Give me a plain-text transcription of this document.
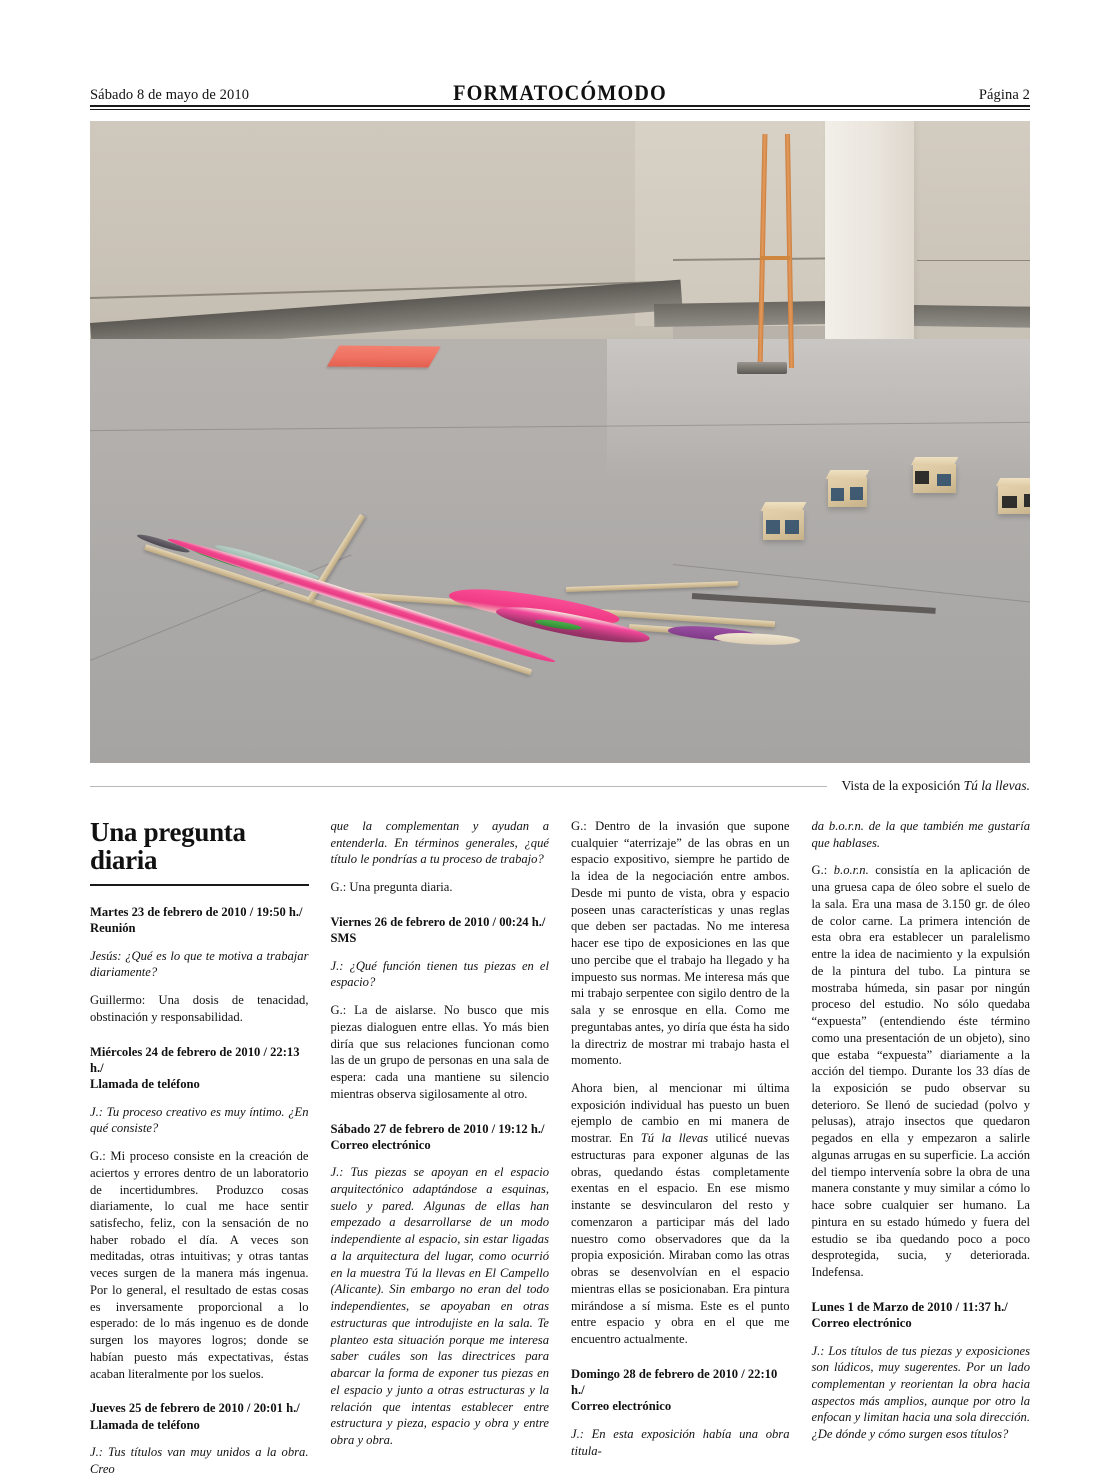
Sábado 8 de mayo de 2010	FORMATOCÓMODO	Página 2
Vista de la exposición Tú la llevas.
Una pregunta diaria
Martes 23 de febrero de 2010 / 19:50 h./
Reunión

Jesús: ¿Qué es lo que te motiva a trabajar diariamente?

Guillermo: Una dosis de tenacidad, obstinación y responsabilidad.

Miércoles 24 de febrero de 2010 / 22:13 h./
Llamada de teléfono

J.: Tu proceso creativo es muy íntimo. ¿En qué consiste?

G.: Mi proceso consiste en la creación de aciertos y errores dentro de un laboratorio de incertidumbres. Produzco cosas diariamente, lo cual me hace sentir satisfecho, feliz, con la sensación de no haber robado el día. A veces son meditadas, otras intuitivas; y otras tantas veces surgen de la manera más ingenua. Por lo general, el resultado de estas cosas es inversamente proporcional a lo esperado: de lo más ingenuo es de donde surgen los mayores logros; donde se habían puesto más expectativas, éstas acaban literalmente por los suelos.

Jueves 25 de febrero de 2010 / 20:01 h./
Llamada de teléfono

J.: Tus títulos van muy unidos a la obra. Creo

que la complementan y ayudan a entenderla. En términos generales, ¿qué título le pondrías a tu proceso de trabajo?

G.: Una pregunta diaria.

Viernes 26 de febrero de 2010 / 00:24 h./
SMS

J.: ¿Qué función tienen tus piezas en el espacio?

G.: La de aislarse. No busco que mis piezas dialoguen entre ellas. Yo más bien diría que sus relaciones funcionan como las de un grupo de personas en una sala de espera: cada una mantiene su silencio mientras observa sigilosamente al otro.

Sábado 27 de febrero de 2010 / 19:12 h./
Correo electrónico

J.: Tus piezas se apoyan en el espacio arquitectónico adaptándose a esquinas, suelo y pared. Algunas de ellas han empezado a desarrollarse de un modo independiente al espacio, sin estar ligadas a la arquitectura del lugar, como ocurrió en la muestra Tú la llevas en El Campello (Alicante). Sin embargo no eran del todo independientes, se apoyaban en otras estructuras que introdujiste en la sala. Te planteo esta situación porque me interesa saber cuáles son las directrices para abarcar la forma de exponer tus piezas en el espacio y junto a otras estructuras y la relación que intentas establecer entre estructura y pieza, espacio y obra y entre obra y obra.

G.: Dentro de la invasión que supone cualquier “aterrizaje” de las obras en un espacio expositivo, siempre he partido de la idea de la negociación entre ambos. Desde mi punto de vista, obra y espacio poseen unas características y unas reglas que deben ser pactadas. No me interesa hacer ese tipo de exposiciones en las que uno percibe que el trabajo ha llegado y ha impuesto sus normas. Me interesa más que mi trabajo serpentee con sigilo dentro de la sala y se enrosque en ella. Como me preguntabas antes, yo diría que ésta ha sido la directriz de mostrar mi trabajo hasta el momento.

Ahora bien, al mencionar mi última exposición individual has puesto un buen ejemplo de cambio en mi manera de mostrar. En Tú la llevas utilicé nuevas estructuras para exponer algunas de las obras, quedando éstas completamente exentas en el espacio. En ese mismo instante se desvincularon del resto y comenzaron a participar más del lado nuestro como observadores que da la propia exposición. Miraban como las otras obras se desenvolvían en el espacio mientras ellas se posicionaban. Era pintura mirándose a sí misma. Este es el punto entre espacio y obra en el que me encuentro actualmente.

Domingo 28 de febrero de 2010 / 22:10 h./
Correo electrónico

J.: En esta exposición había una obra titula-

da b.o.r.n. de la que también me gustaría que hablases.

G.: b.o.r.n. consistía en la aplicación de una gruesa capa de óleo sobre el suelo de la sala. Era una masa de 3.150 gr. de óleo de color carne. La primera intención de esta obra era establecer un paralelismo entre la idea de nacimiento y la expulsión de la pintura del tubo. La pintura se mostraba húmeda, sin pasar por ningún proceso del estudio. No sólo quedaba “expuesta” (entendiendo éste término como una presentación de un objeto), sino que estaba “expuesta” diariamente a la acción del tiempo. Durante los 33 días de la exposición se pudo observar su deterioro. Se llenó de suciedad (polvo y pelusas), atrajo insectos que quedaron pegados en ella y empezaron a salirle algunas arrugas en su superficie. La acción del tiempo intervenía sobre la obra de una manera constante y muy similar a cómo lo hace sobre cualquier ser humano. La pintura en su estado húmedo y fuera del estudio se iba quedando poco a poco desprotegida, sucia, y deteriorada. Indefensa.

Lunes 1 de Marzo de 2010 / 11:37 h./
Correo electrónico

J.: Los títulos de tus piezas y exposiciones son lúdicos, muy sugerentes. Por un lado complementan y reorientan la obra hacia aspectos más amplios, aunque por otro la enfocan y limitan hacia una sola dirección. ¿De dónde y cómo surgen esos títulos?
